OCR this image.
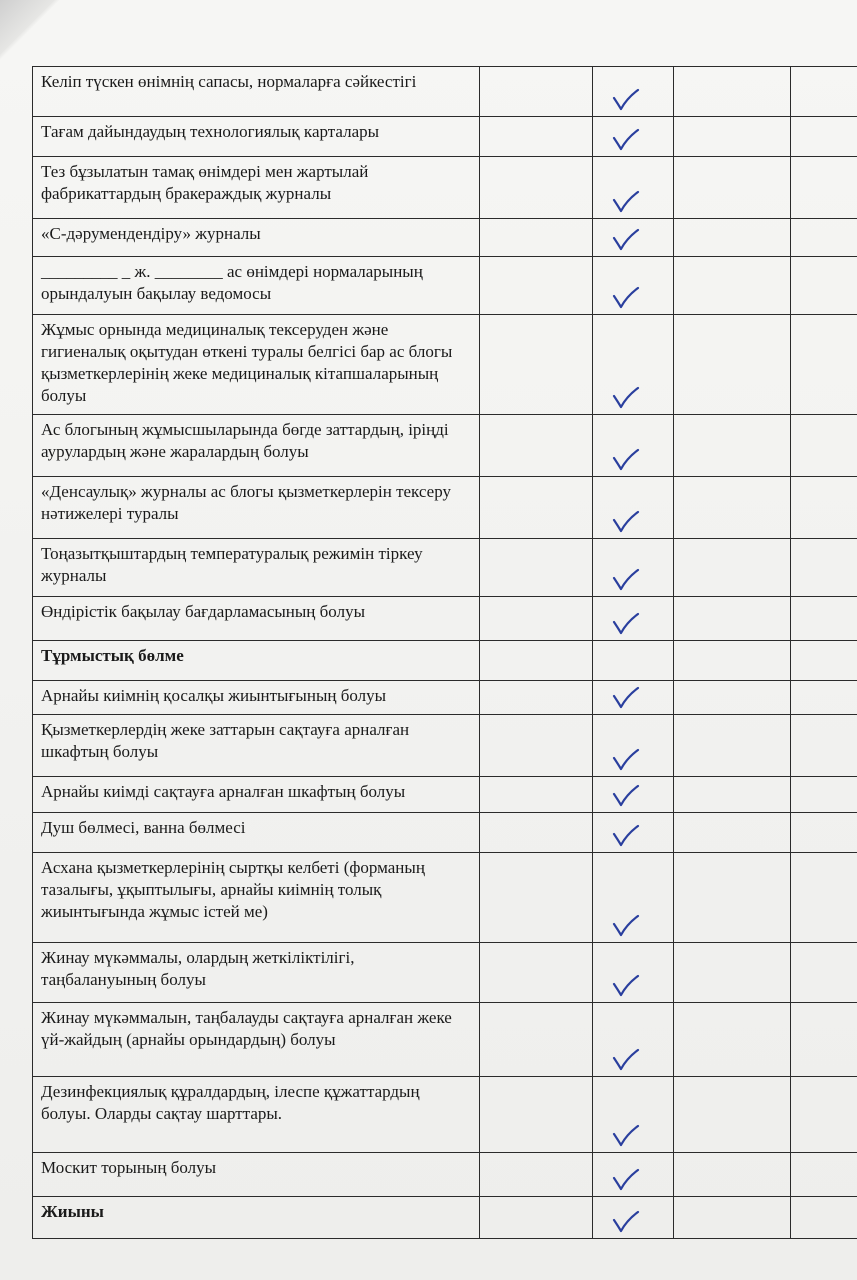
Келіп түскен өнімнің сапасы, нормаларға сәйкестігі		

Тағам дайындаудың технологиялық карталары		

Тез бұзылатын тамақ өнімдері мен жартылай фабрикаттардың бракераждық журналы		

«С-дәрумендендіру» журналы		

_________ _ ж. ________ ас өнімдері нормаларының орындалуын бақылау ведомосы		

Жұмыс орнында медициналық тексеруден және гигиеналық оқытудан өткені туралы белгісі бар ас блогы қызметкерлерінің жеке медициналық кітапшаларының болуы		

Ас блогының жұмысшыларында бөгде заттардың, іріңді аурулардың және жаралардың болуы		

«Денсаулық» журналы ас блогы қызметкерлерін тексеру нәтижелері туралы		

Тоңазытқыштардың температуралық режимін тіркеу журналы		

Өндірістік бақылау бағдарламасының болуы		

Тұрмыстық бөлме				
Арнайы киімнің қосалқы жиынтығының болуы		

Қызметкерлердің жеке заттарын сақтауға арналған шкафтың болуы		

Арнайы киімді сақтауға арналған шкафтың болуы		

Душ бөлмесі, ванна бөлмесі		

Асхана қызметкерлерінің сыртқы келбеті (форманың тазалығы, ұқыптылығы, арнайы киімнің толық жиынтығында жұмыс істей ме)		

Жинау мүкәммалы, олардың жеткіліктілігі, таңбалануының болуы		

Жинау мүкәммалын, таңбалауды сақтауға арналған жеке үй-жайдың (арнайы орындардың) болуы		

Дезинфекциялық құралдардың, ілеспе құжаттардың болуы. Оларды сақтау шарттары.		

Москит торының болуы		

Жиыны		
